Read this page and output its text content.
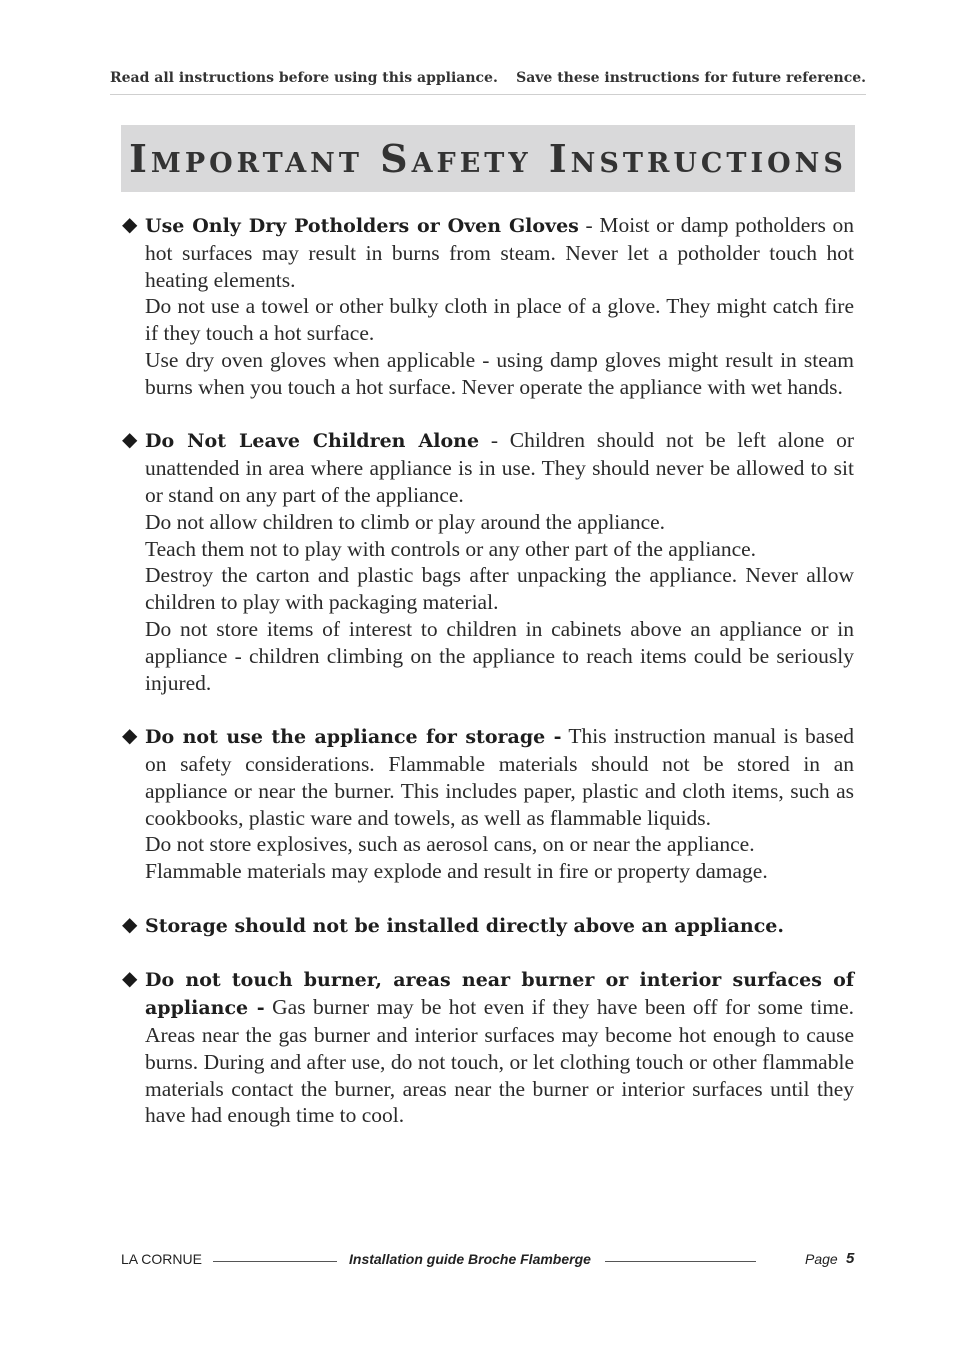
Read all instructions before using this appliance. Save these instructions for future reference.
Important Safety Instructions
◆ Use Only Dry Potholders or Oven Gloves - Moist or damp potholders on hot surfaces may result in burns from steam. Never let a potholder touch hot heating elements.

Do not use a towel or other bulky cloth in place of a glove. They might catch fire if they touch a hot surface.

Use dry oven gloves when applicable - using damp gloves might result in steam burns when you touch a hot surface. Never operate the appliance with wet hands.

◆ Do Not Leave Children Alone - Children should not be left alone or unattended in area where appliance is in use. They should never be allowed to sit or stand on any part of the appliance.

Do not allow children to climb or play around the appliance.

Teach them not to play with controls or any other part of the appliance.

Destroy the carton and plastic bags after unpacking the appliance. Never allow children to play with packaging material.

Do not store items of interest to children in cabinets above an appliance or in appliance - children climbing on the appliance to reach items could be seriously injured.

◆ Do not use the appliance for storage - This instruction manual is based on safety considerations. Flammable materials should not be stored in an appliance or near the burner. This includes paper, plastic and cloth items, such as cookbooks, plastic ware and towels, as well as flammable liquids.

Do not store explosives, such as aerosol cans, on or near the appliance.

Flammable materials may explode and result in fire or property damage.

◆ Storage should not be installed directly above an appliance.

◆ Do not touch burner, areas near burner or interior surfaces of appliance - Gas burner may be hot even if they have been off for some time. Areas near the gas burner and interior surfaces may become hot enough to cause burns. During and after use, do not touch, or let clothing touch or other flammable materials contact the burner, areas near the burner or interior surfaces until they have had enough time to cool.

LA CORNUE	Installation guide Broche Flamberge	Page 5
